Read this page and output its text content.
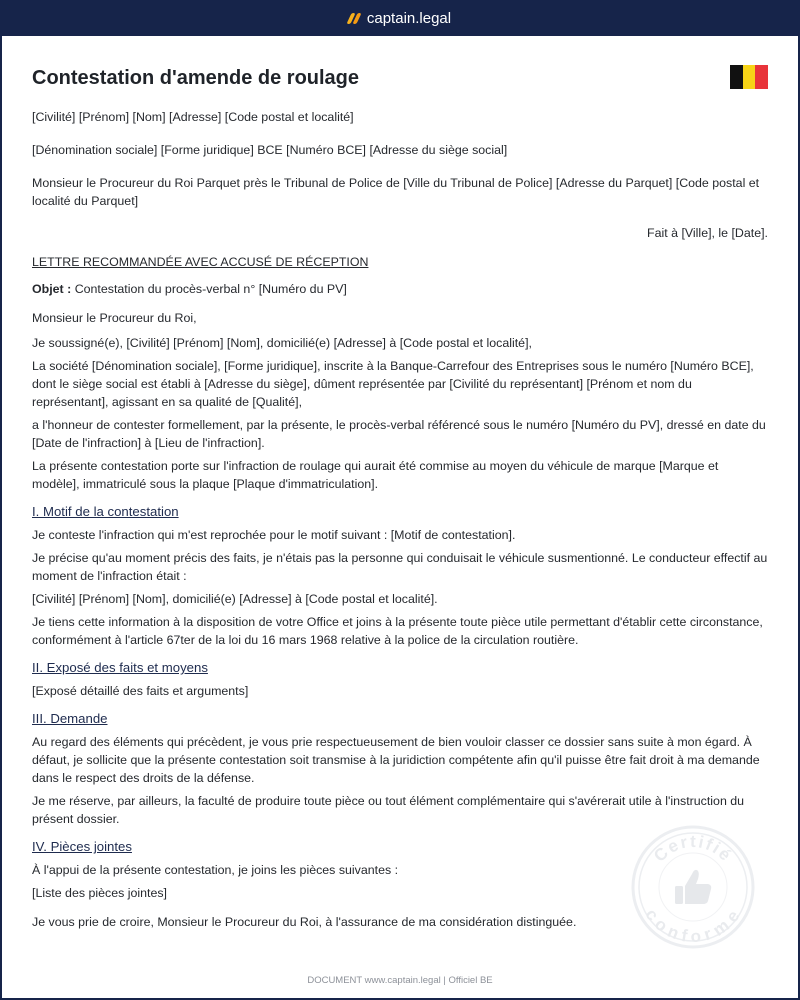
captain.legal
Contestation d'amende de roulage

[Civilité] [Prénom] [Nom] [Adresse] [Code postal et localité]

[Dénomination sociale] [Forme juridique] BCE [Numéro BCE] [Adresse du siège social]

Monsieur le Procureur du Roi Parquet près le Tribunal de Police de [Ville du Tribunal de Police] [Adresse du Parquet] [Code postal et localité du Parquet]

Fait à [Ville], le [Date].

LETTRE RECOMMANDÉE AVEC ACCUSÉ DE RÉCEPTION

Objet : Contestation du procès-verbal n° [Numéro du PV]

Monsieur le Procureur du Roi,

Je soussigné(e), [Civilité] [Prénom] [Nom], domicilié(e) [Adresse] à [Code postal et localité],

La société [Dénomination sociale], [Forme juridique], inscrite à la Banque-Carrefour des Entreprises sous le numéro [Numéro BCE], dont le siège social est établi à [Adresse du siège], dûment représentée par [Civilité du représentant] [Prénom et nom du représentant], agissant en sa qualité de [Qualité],

a l'honneur de contester formellement, par la présente, le procès-verbal référencé sous le numéro [Numéro du PV], dressé en date du [Date de l'infraction] à [Lieu de l'infraction].

La présente contestation porte sur l'infraction de roulage qui aurait été commise au moyen du véhicule de marque [Marque et modèle], immatriculé sous la plaque [Plaque d'immatriculation].

I. Motif de la contestation

Je conteste l'infraction qui m'est reprochée pour le motif suivant : [Motif de contestation].

Je précise qu'au moment précis des faits, je n'étais pas la personne qui conduisait le véhicule susmentionné. Le conducteur effectif au moment de l'infraction était :

[Civilité] [Prénom] [Nom], domicilié(e) [Adresse] à [Code postal et localité].

Je tiens cette information à la disposition de votre Office et joins à la présente toute pièce utile permettant d'établir cette circonstance, conformément à l'article 67ter de la loi du 16 mars 1968 relative à la police de la circulation routière.

II. Exposé des faits et moyens

[Exposé détaillé des faits et arguments]

III. Demande

Au regard des éléments qui précèdent, je vous prie respectueusement de bien vouloir classer ce dossier sans suite à mon égard. À défaut, je sollicite que la présente contestation soit transmise à la juridiction compétente afin qu'il puisse être fait droit à ma demande dans le respect des droits de la défense.

Je me réserve, par ailleurs, la faculté de produire toute pièce ou tout élément complémentaire qui s'avérerait utile à l'instruction du présent dossier.

IV. Pièces jointes

À l'appui de la présente contestation, je joins les pièces suivantes :

[Liste des pièces jointes]

Je vous prie de croire, Monsieur le Procureur du Roi, à l'assurance de ma considération distinguée.

Certifié
conforme
DOCUMENT www.captain.legal | Officiel BE
